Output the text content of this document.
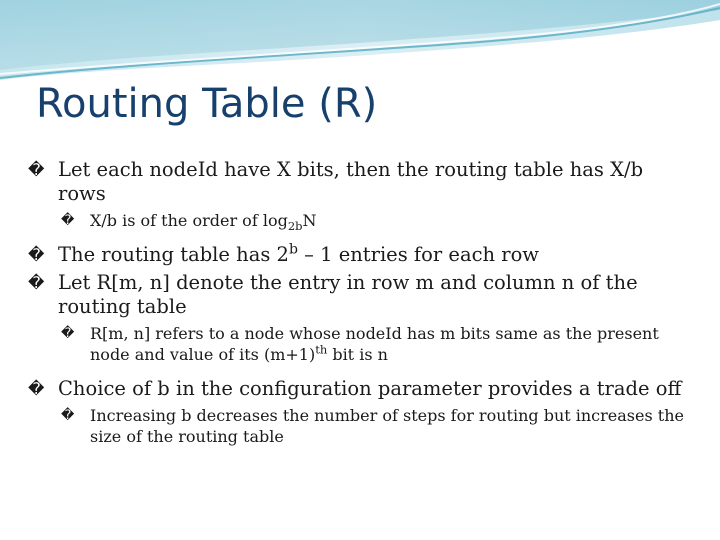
Routing Table (R)
� Let each nodeId have X bits, then the routing table has X/b rows
� X/b is of the order of $\log_{2b}N$
� The routing table has 2$^b$ – 1 entries for each row
� Let R[m, n] denote the entry in row m and column n of the routing table
� R[m, n] refers to a node whose nodeId has m bits same as the present node and value of its $(m+1)^{th}$ bit is n
� Choice of b in the configuration parameter provides a trade off
� Increasing b decreases the number of steps for routing but increases the size of the routing table
